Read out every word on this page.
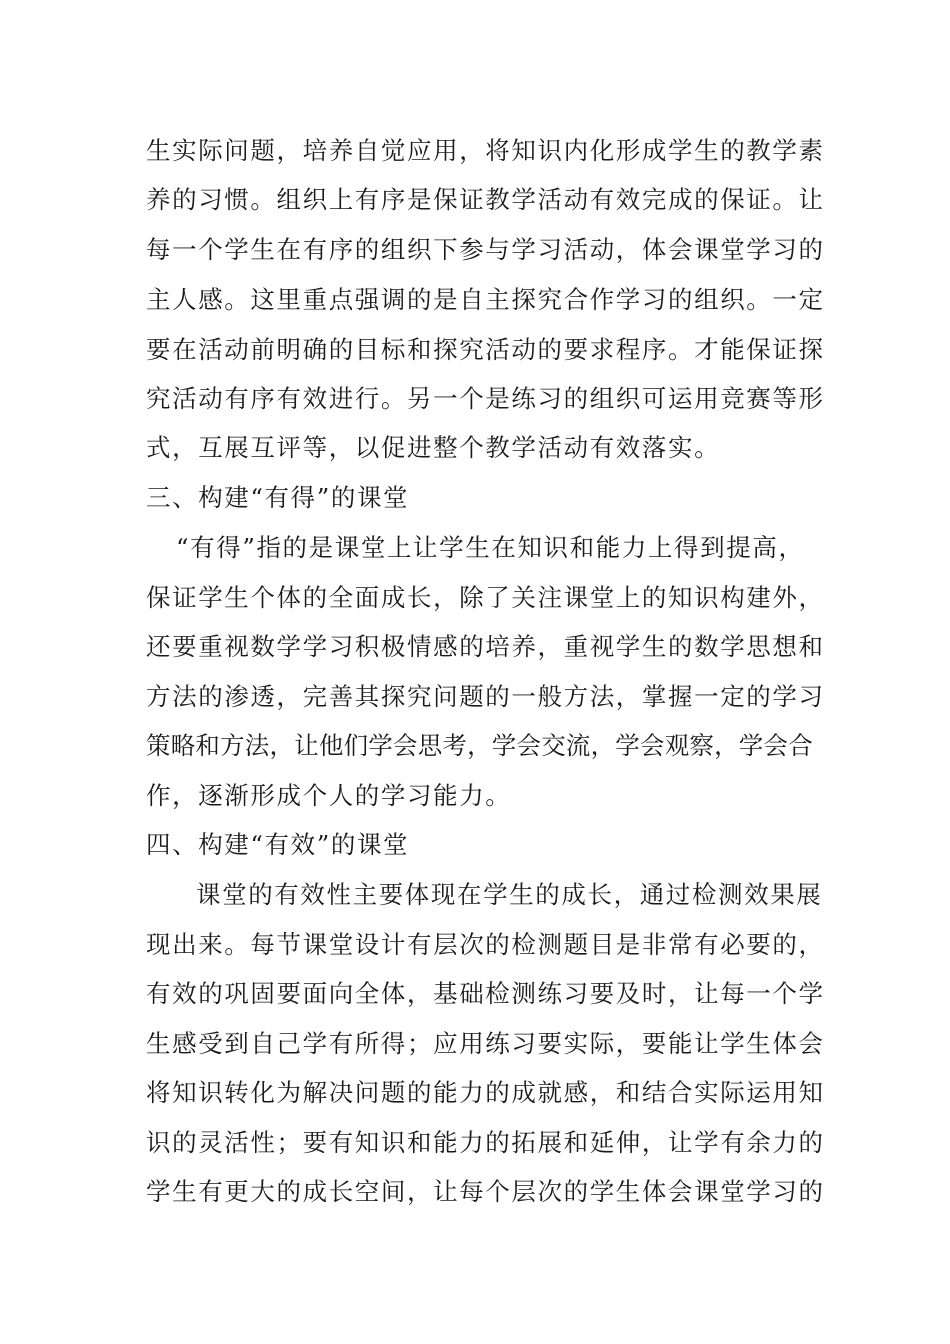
生实际问题，培养自觉应用，将知识内化形成学生的教学素
养的习惯。组织上有序是保证教学活动有效完成的保证。让
每一个学生在有序的组织下参与学习活动，体会课堂学习的
主人感。这里重点强调的是自主探究合作学习的组织。一定
要在活动前明确的目标和探究活动的要求程序。才能保证探
究活动有序有效进行。另一个是练习的组织可运用竞赛等形
式，互展互评等，以促进整个教学活动有效落实。
三、构建“有得”的课堂
“有得”指的是课堂上让学生在知识和能力上得到提高，
保证学生个体的全面成长，除了关注课堂上的知识构建外，
还要重视数学学习积极情感的培养，重视学生的数学思想和
方法的渗透，完善其探究问题的一般方法，掌握一定的学习
策略和方法，让他们学会思考，学会交流，学会观察，学会合
作，逐渐形成个人的学习能力。
四、构建“有效”的课堂
课堂的有效性主要体现在学生的成长，通过检测效果展
现出来。每节课堂设计有层次的检测题目是非常有必要的，
有效的巩固要面向全体，基础检测练习要及时，让每一个学
生感受到自己学有所得；应用练习要实际，要能让学生体会
将知识转化为解决问题的能力的成就感，和结合实际运用知
识的灵活性；要有知识和能力的拓展和延伸，让学有余力的
学生有更大的成长空间，让每个层次的学生体会课堂学习的
